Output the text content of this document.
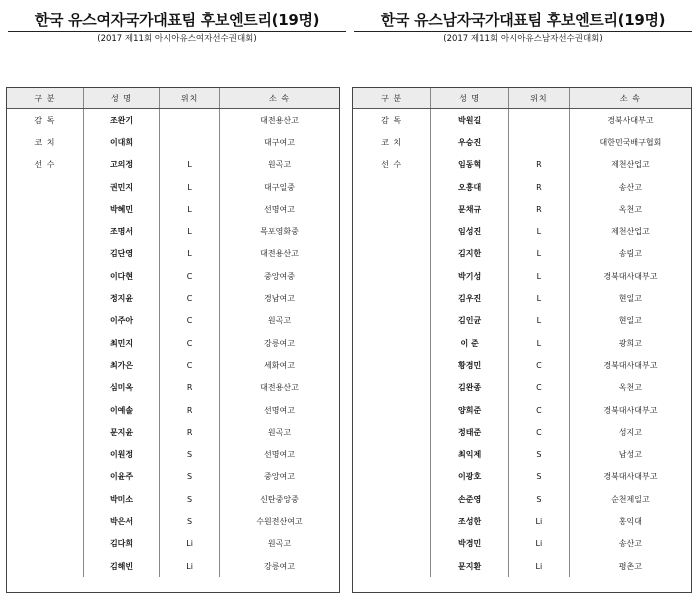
한국 유스여자국가대표팀 후보엔트리(19명)
(2017 제11회 아시아유스여자선수권대회)
구 분	성 명	위치	소 속
감 독	조완기		대전용산고
코 치	이대희		대구여고
선 수	고의정	L	원곡고
	권민지	L	대구일중
	박혜민	L	선명여고
	조명서	L	목포영화중
	김단영	L	대전용산고
	이다현	C	중앙여중
	정지윤	C	경남여고
	이주아	C	원곡고
	최민지	C	강릉여고
	최가은	C	세화여고
	심미옥	R	대전용산고
	이예솔	R	선명여고
	문지윤	R	원곡고
	이원정	S	선명여고
	이윤주	S	중앙여고
	박미소	S	신탄중앙중
	박은서	S	수원전산여고
	김다희	Li	원곡고
	김해빈	Li	강릉여고
한국 유스남자국가대표팀 후보엔트리(19명)
(2017 제11회 아시아유스남자선수권대회)
구 분	성 명	위치	소 속
감 독	박원길		경북사대부고
코 치	우승진		대한민국배구협회
선 수	임동혁	R	제천산업고
	오흥대	R	송산고
	문채규	R	옥천고
	임성진	L	제천산업고
	김지한	L	송림고
	박기성	L	경북대사대부고
	김우진	L	현일고
	김인균	L	현일고
	이 준	L	광희고
	황경민	C	경북대사대부고
	김완종	C	옥천고
	양희준	C	경북대사대부고
	정태준	C	성지고
	최익제	S	남성고
	이광호	S	경북대사대부고
	손준영	S	순천제일고
	조성한	Li	홍익대
	박경민	Li	송산고
	문지환	Li	평촌고
